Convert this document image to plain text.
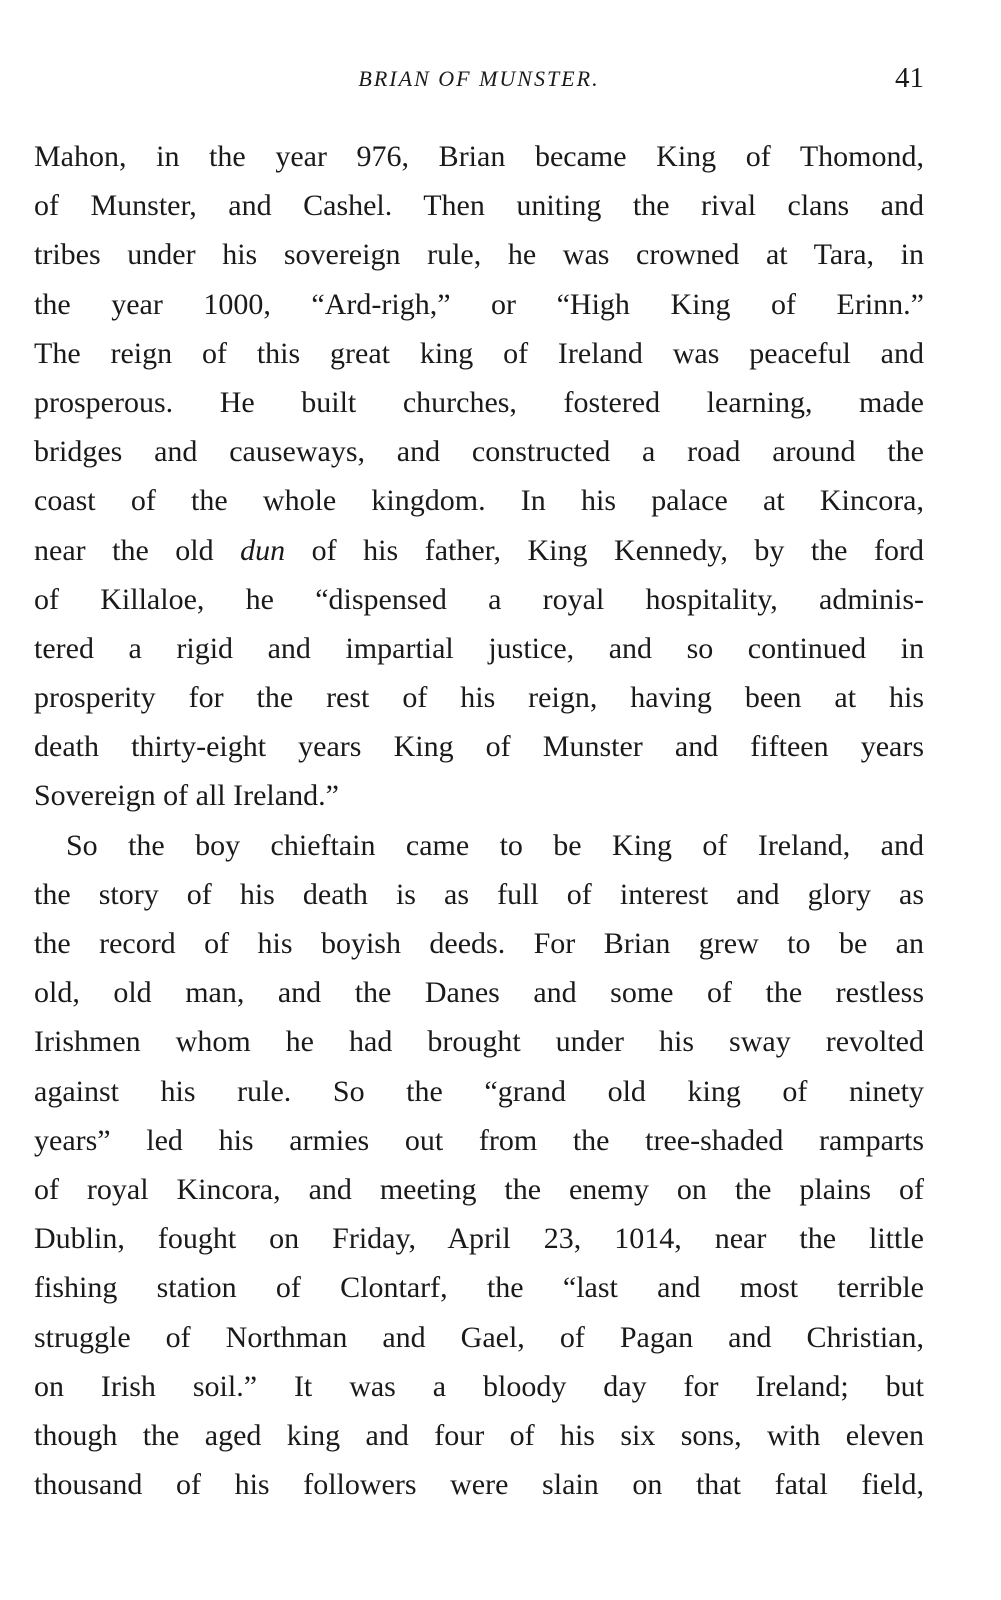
BRIAN OF MUNSTER.	41
Mahon, in the year 976, Brian became King of Thomond,
of Munster, and Cashel. Then uniting the rival clans and
tribes under his sovereign rule, he was crowned at Tara, in
the year 1000, “Ard-righ,” or “High King of Erinn.”
The reign of this great king of Ireland was peaceful and
prosperous. He built churches, fostered learning, made
bridges and causeways, and constructed a road around the
coast of the whole kingdom. In his palace at Kincora,
near the old dun of his father, King Kennedy, by the ford
of Killaloe, he “dispensed a royal hospitality, adminis-
tered a rigid and impartial justice, and so continued in
prosperity for the rest of his reign, having been at his
death thirty-eight years King of Munster and fifteen years
Sovereign of all Ireland.”
So the boy chieftain came to be King of Ireland, and
the story of his death is as full of interest and glory as
the record of his boyish deeds. For Brian grew to be an
old, old man, and the Danes and some of the restless
Irishmen whom he had brought under his sway revolted
against his rule. So the “grand old king of ninety
years” led his armies out from the tree-shaded ramparts
of royal Kincora, and meeting the enemy on the plains of
Dublin, fought on Friday, April 23, 1014, near the little
fishing station of Clontarf, the “last and most terrible
struggle of Northman and Gael, of Pagan and Christian,
on Irish soil.” It was a bloody day for Ireland; but
though the aged king and four of his six sons, with eleven
thousand of his followers were slain on that fatal field,
